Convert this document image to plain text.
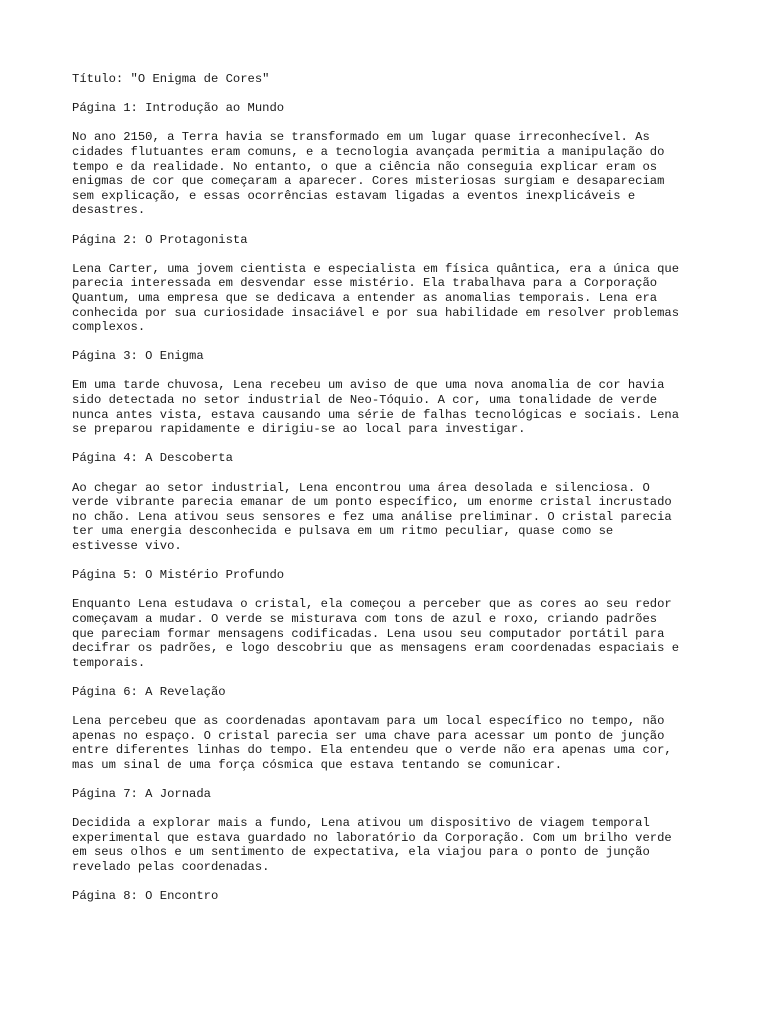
Título: "O Enigma de Cores"

Página 1: Introdução ao Mundo

No ano 2150, a Terra havia se transformado em um lugar quase irreconhecível. As
cidades flutuantes eram comuns, e a tecnologia avançada permitia a manipulação do
tempo e da realidade. No entanto, o que a ciência não conseguia explicar eram os
enigmas de cor que começaram a aparecer. Cores misteriosas surgiam e desapareciam
sem explicação, e essas ocorrências estavam ligadas a eventos inexplicáveis e
desastres.

Página 2: O Protagonista

Lena Carter, uma jovem cientista e especialista em física quântica, era a única que
parecia interessada em desvendar esse mistério. Ela trabalhava para a Corporação
Quantum, uma empresa que se dedicava a entender as anomalias temporais. Lena era
conhecida por sua curiosidade insaciável e por sua habilidade em resolver problemas
complexos.

Página 3: O Enigma

Em uma tarde chuvosa, Lena recebeu um aviso de que uma nova anomalia de cor havia
sido detectada no setor industrial de Neo-Tóquio. A cor, uma tonalidade de verde
nunca antes vista, estava causando uma série de falhas tecnológicas e sociais. Lena
se preparou rapidamente e dirigiu-se ao local para investigar.

Página 4: A Descoberta

Ao chegar ao setor industrial, Lena encontrou uma área desolada e silenciosa. O
verde vibrante parecia emanar de um ponto específico, um enorme cristal incrustado
no chão. Lena ativou seus sensores e fez uma análise preliminar. O cristal parecia
ter uma energia desconhecida e pulsava em um ritmo peculiar, quase como se
estivesse vivo.

Página 5: O Mistério Profundo

Enquanto Lena estudava o cristal, ela começou a perceber que as cores ao seu redor
começavam a mudar. O verde se misturava com tons de azul e roxo, criando padrões
que pareciam formar mensagens codificadas. Lena usou seu computador portátil para
decifrar os padrões, e logo descobriu que as mensagens eram coordenadas espaciais e
temporais.

Página 6: A Revelação

Lena percebeu que as coordenadas apontavam para um local específico no tempo, não
apenas no espaço. O cristal parecia ser uma chave para acessar um ponto de junção
entre diferentes linhas do tempo. Ela entendeu que o verde não era apenas uma cor,
mas um sinal de uma força cósmica que estava tentando se comunicar.

Página 7: A Jornada

Decidida a explorar mais a fundo, Lena ativou um dispositivo de viagem temporal
experimental que estava guardado no laboratório da Corporação. Com um brilho verde
em seus olhos e um sentimento de expectativa, ela viajou para o ponto de junção
revelado pelas coordenadas.

Página 8: O Encontro
